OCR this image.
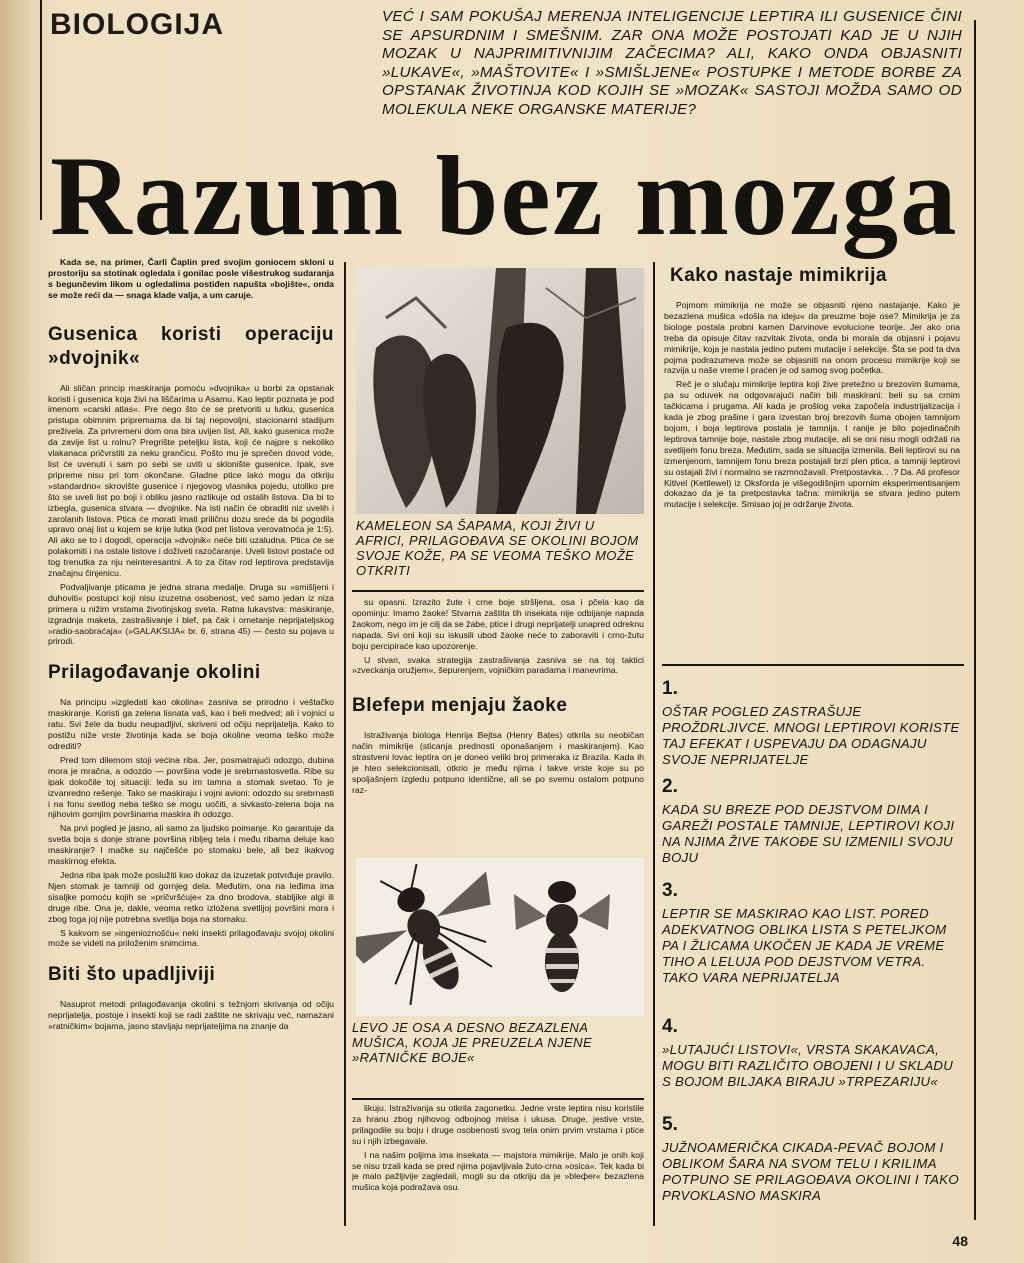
BIOLOGIJA	VEĆ I SAM POKUŠAJ MERENJA INTELIGENCIJE LEPTIRA ILI GUSENICE ČINI SE APSURDNIM I SMEŠNIM. ZAR ONA MOŽE POSTOJATI KAD JE U NJIH MOZAK U NAJPRIMITIVNIJIM ZAČECIMA? ALI, KAKO ONDA OBJASNITI »LUKAVE«, »MAŠTOVITE« I »SMIŠLJENE« POSTUPKE I METODE BORBE ZA OPSTANAK ŽIVOTINJA KOD KOJIH SE »MOZAK« SASTOJI MOŽDA SAMO OD MOLEKULA NEKE ORGANSKE MATERIJE?
Razum bez mozga

Kada se, na primer, Čarli Čaplin pred svojim goniocem skloni u prostoriju sa stotinak ogledala i gonilac posle višestrukog sudaranja s begunčevim likom u ogledalima postiđen napušta »bojište«, onda se može reći da — snaga klade valja, a um caruje.

Gusenica koristi operaciju »dvojnik«

Ali sličan princip maskiranja pomoću »dvojnika« u borbi za opstanak koristi i gusenica koja živi na liščarima u Asamu. Kao leptir poznata je pod imenom »carski atlas«. Pre nego što će se pretvoriti u lutku, gusenica pristupa obimnim pripremama da bi taj nepovoljni, stacionarni stadijum preživela. Za privremeni dom ona bira uvijen list. Ali, kako gusenica može da zavije list u rolnu? Pregrište peteljku lista, koji će najpre s nekoliko vlakanaca pričvrstiti za neku grančicu. Pošto mu je sprečen dovod vode, list će uvenuti i sam po sebi se uviti u skloništе gusenice. Ipak, sve pripreme nisu pri tom okončane. Gladne ptice lako mogu da otkriju »standardno« skrovište gusenice i njegovog vlasnika pojedu, utoliko pre što se uveli list po boji i obliku jasno razlikuje od ostalih listova. Da bi to izbegla, gusenica stvara — dvojnike. Na isti način će obraditi niz uvelih i zarolanih listova. Ptica će morati imati priličnu dozu sreće da bi pogodila upravo onaj list u kojem se krije lutka (kod pet listova verovatnoća je 1:5). Ali ako se to i dogodi, operacija »dvojnik« neće biti uzaludna. Ptica će se polakomiti i na ostale listove i doživeti razočaranje. Uveli listovi postaće od tog trenutka za nju neinteresantni. A to za čitav rod leptirova predstavlja značajnu činjenicu.

Podvaljivanje pticama je jedna strana medalje. Druga su »smišljeni i duhoviti« postupci koji nisu izuzetna osobenost, već samo jedan iz niza primera u nižim vrstama životinjskog sveta. Ratna lukavstva: maskiranje, izgradnja maketa, zastrašivanje i blef, pa čak i ometanje neprijateljskog »radio-saobraćaja« (»GALAKSIJA« br. 6, strana 45) — često su pojava u prirodi.

Prilagođavanje okolini

Na principu »izgledati kao okolina« zasniva se prirodno i veštačko maskiranje. Koristi ga zelena lisnata vaš, kao i beli medved; ali i vojnici u ratu. Svi žele da budu neupadljivi, skriveni od očiju neprijatelja. Kako to postižu niže vrste životinja kada se boja okoline veoma teško može odrediti?

Pred tom dilemom stoji većina riba. Jer, posmatrajući odozgo, dubina mora je mračna, a odozdo — površina vode je srebrnastosvetla. Ribe su ipak dokočile toj situaciji: leđa su im tamna a stomak svetao. To je izvanredno rešenje. Tako se maskiraju i vojni avioni: odozdo su srebrnasti i na fonu svetlog neba teško se mogu uočiti, a sivkasto-zelena boja na njihovim gornjim površinama maskira ih odozgo.

Na prvi pogled je jasno, ali samo za ljudsko poimanje. Ko garantuje da svetla boja s donje strane površina ribljeg tela i među ribama deluje kao maskiranje? I mačke su najčešće po stomaku bele, ali bez ikakvog maskirnog efekta.

Jedna riba ipak može poslužiti kao dokaz da izuzetak potvrđuje pravilo. Njen stomak je tamniji od gornjeg dela. Međutim, ona na leđima ima sisaljke pomoću kojih se »pričvršćuje« za dno brodova, stabljike algi ili druge ribe. Ona je, dakle, veoma retko izložena svetlijoj površini mora i zbog toga joj nije potrebna svetlija boja na stomaku.

S kakvom se »ingenioznošću« neki insekti prilagođavaju svojoj okolini može se videti na priloženim snimcima.

Biti što upadljiviji

Nasuprot metodi prilagođavanja okolini s težnjom skrivanja od očiju neprijatelja, postoje i insekti koji se radi zaštite ne skrivaju već, namazani »ratničkim« bojama, jasno stavljaju neprijateljima na znanje da

KAMELEON SA ŠAPAMA, KOJI ŽIVI U AFRICI, PRILAGOĐAVA SE OKOLINI BOJOM SVOJE KOŽE, PA SE VEOMA TEŠKO MOŽE OTKRITI

su opasni. Izrazito žute i crne boje stršljena, osa i pčela kao da opominju: Imamo žaoke! Stvarna zaštita tih insekata nije odbijanje napada žaokom, nego im je cilj da se žabe, ptice i drugi neprijatelji unapred odreknu napada. Svi oni koji su iskusili ubod žaoke neće to zaboraviti i crno-žutu boju percipiraće kao upozorenje.

U stvari, svaka strategija zastrašivanja zasniva se na toj taktici »zveckanja oružjem«, šepurenjem, vojničkim paradama i manevrima.

Blefери menjaju žaoke

Istraživanja biologa Henrija Bejtsa (Henry Bates) otkrila su neobičan način mimikrije (sticanja prednosti oponašanjem i maskiranjem). Kao strastveni lovac leptira on je doneo veliki broj primeraka iz Brazila. Kada ih je hteo selekcionisati, otkrio je među njima i takve vrste koje su po spoljašnjem izgledu potpuno identične, ali se po svemu ostalom potpuno raz-

LEVO JE OSA A DESNO BEZAZLENA MUŠICA, KOJA JE PREUZELA NJENE »RATNIČKE BOJE«

likuju. Istraživanja su otkrila zagonetku. Jedne vrste leptira nisu koristile za hranu zbog njihovog odbojnog mirisa i ukusa. Druge, jestive vrste, prilagodile su boju i druge osobenosti svog tela onim prvim vrstama i ptice su i njih izbegavale.

I na našim poljima ima insekata — majstora mimikrije. Malo je onih koji se nisu trzali kada se pred njima pojavljivala žuto-crna »osica«. Tek kada bi je malo pažljivije zagledali, mogli su da otkriju da je »bleфer« bezazlena mušica koja podražava osu.

Kako nastaje mimikrija

Pojmom mimikrija ne može se objasniti njeno nastajanje. Kako je bezazlena mušica »došla na ideju« da preuzme boje ose? Mimikrija je za biologe postala probni kamen Darvinove evolucione teorije. Jer ako ona treba da opisuje čitav razvitak života, onda bi morala da objasni i pojavu mimikrije, koja je nastala jedino putem mutacije i selekcije. Šta se pod ta dva pojma podrazumeva može se objasniti na onom procesu mimikrije koji se razvija u naše vreme i praćen je od samog svog početka.

Reč je o slučaju mimikrije leptira koji žive pretežno u brezovim šumama, pa su oduvek na odgovarajući način bili maskirani: beli su sa crnim tačkicama i prugama. Ali kada je prošlog veka započela industrijalizacija i kada je zbog prašine i gara izvestan broj brezovih šuma obojen tamnijom bojom, i boja leptirova postala je tamnija. I ranije je bilo pojedinačnih leptirova tamnije boje, nastale zbog mutacije, ali se oni nisu mogli održati na svetlijem fonu breza. Međutim, sada se situacija izmenila. Beli leptirovi su na izmenjenom, tamnijem fonu breza postajali brzi plen ptica, a tamniji leptirovi su ostajali živi i normalno se razmnožavali. Pretpostavka. . .? Da. Ali profesor Kitlvel (Kettlewel) iz Oksforda je višegodišnjim upornim eksperimentisanjem dokazao da je ta pretpostavka tačna: mimikrija se stvara jedino putem mutacije i selekcije. Smisao joj je održanje života.

1.
OŠTAR POGLED ZASTRAŠUJE PROŽDRLJIVCE. MNOGI LEPTIROVI KORISTE TAJ EFEKAT I USPEVAJU DA ODAGNAJU SVOJE NEPRIJATELJE
2.
KADA SU BREZE POD DEJSTVOM DIMA I GAREŽI POSTALE TAMNIJE, LEPTIROVI KOJI NA NJIMA ŽIVE TAKOĐE SU IZMENILI SVOJU BOJU
3.
LEPTIR SE MASKIRAO KAO LIST. PORED ADEKVATNOG OBLIKA LISTA S PETELJKOM PA I ŽLICAMA UKOČEN JE KADA JE VREME TIHO A LELUJA POD DEJSTVOM VETRA. TAKO VARA NEPRIJATELJA
4.
»LUTAJUĆI LISTOVI«, VRSTA SKAKAVACA, MOGU BITI RAZLIČITO OBOJENI I U SKLADU S BOJOM BILJAKA BIRAJU »TRPEZARIJU«
5.
JUŽNOAMERIČKA CIKADA-PEVAČ BOJOM I OBLIKOM ŠARA NA SVOM TELU I KRILIMA POTPUNO SE PRILAGOĐAVA OKOLINI I TAKO PRVOKLASNO MASKIRA
48
